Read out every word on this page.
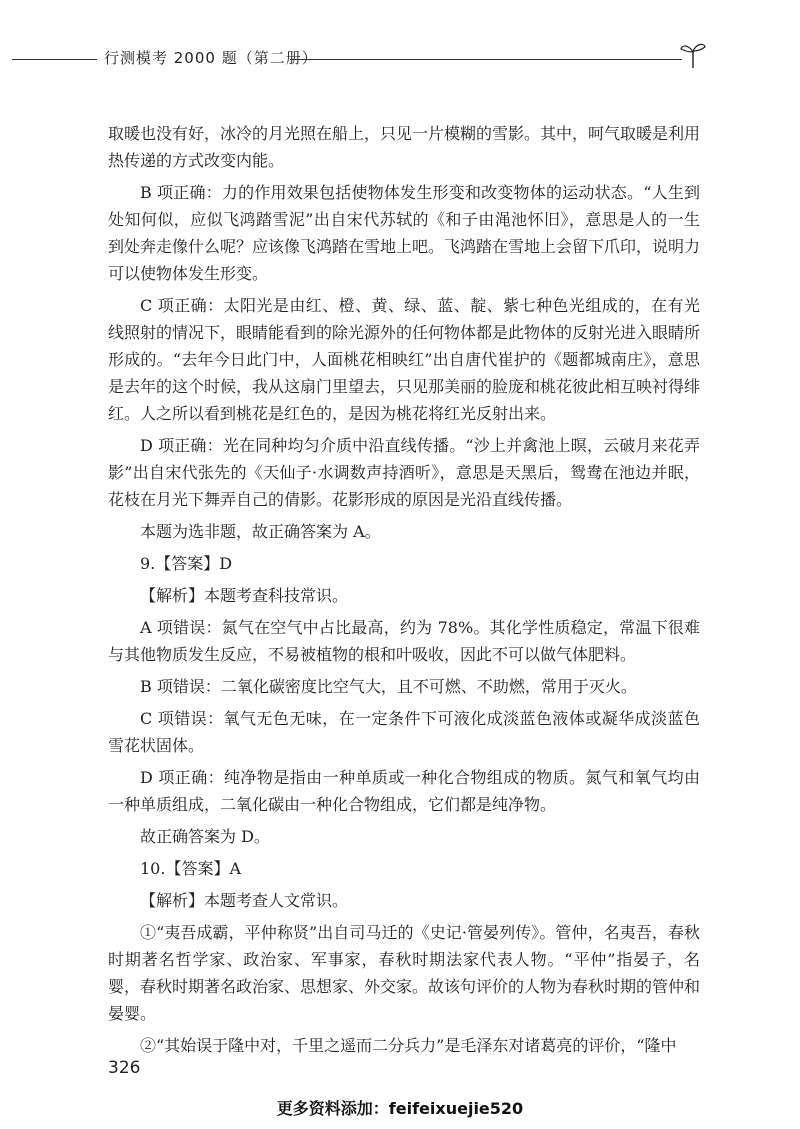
行测模考 2000 题（第二册）

取暖也没有好，冰冷的月光照在船上，只见一片模糊的雪影。其中，呵气取暖是利用热传递的方式改变内能。

B 项正确：力的作用效果包括使物体发生形变和改变物体的运动状态。“人生到处知何似，应似飞鸿踏雪泥”出自宋代苏轼的《和子由渑池怀旧》，意思是人的一生到处奔走像什么呢？应该像飞鸿踏在雪地上吧。飞鸿踏在雪地上会留下爪印，说明力可以使物体发生形变。

C 项正确：太阳光是由红、橙、黄、绿、蓝、靛、紫七种色光组成的，在有光线照射的情况下，眼睛能看到的除光源外的任何物体都是此物体的反射光进入眼睛所形成的。“去年今日此门中，人面桃花相映红”出自唐代崔护的《题都城南庄》，意思是去年的这个时候，我从这扇门里望去，只见那美丽的脸庞和桃花彼此相互映衬得绯红。人之所以看到桃花是红色的，是因为桃花将红光反射出来。

D 项正确：光在同种均匀介质中沿直线传播。“沙上并禽池上暝，云破月来花弄影”出自宋代张先的《天仙子·水调数声持酒听》，意思是天黑后，鸳鸯在池边并眠，花枝在月光下舞弄自己的倩影。花影形成的原因是光沿直线传播。

本题为选非题，故正确答案为 A。

9.【答案】D

【解析】本题考查科技常识。

A 项错误：氮气在空气中占比最高，约为 78%。其化学性质稳定，常温下很难与其他物质发生反应，不易被植物的根和叶吸收，因此不可以做气体肥料。

B 项错误：二氧化碳密度比空气大，且不可燃、不助燃，常用于灭火。

C 项错误：氧气无色无味，在一定条件下可液化成淡蓝色液体或凝华成淡蓝色雪花状固体。

D 项正确：纯净物是指由一种单质或一种化合物组成的物质。氮气和氧气均由一种单质组成，二氧化碳由一种化合物组成，它们都是纯净物。

故正确答案为 D。

10.【答案】A

【解析】本题考查人文常识。

①“夷吾成霸，平仲称贤”出自司马迁的《史记·管晏列传》。管仲，名夷吾，春秋时期著名哲学家、政治家、军事家，春秋时期法家代表人物。“平仲”指晏子，名婴，春秋时期著名政治家、思想家、外交家。故该句评价的人物为春秋时期的管仲和晏婴。

②“其始误于隆中对，千里之遥而二分兵力”是毛泽东对诸葛亮的评价，“隆中

326
更多资料添加：feifeixuejie520
